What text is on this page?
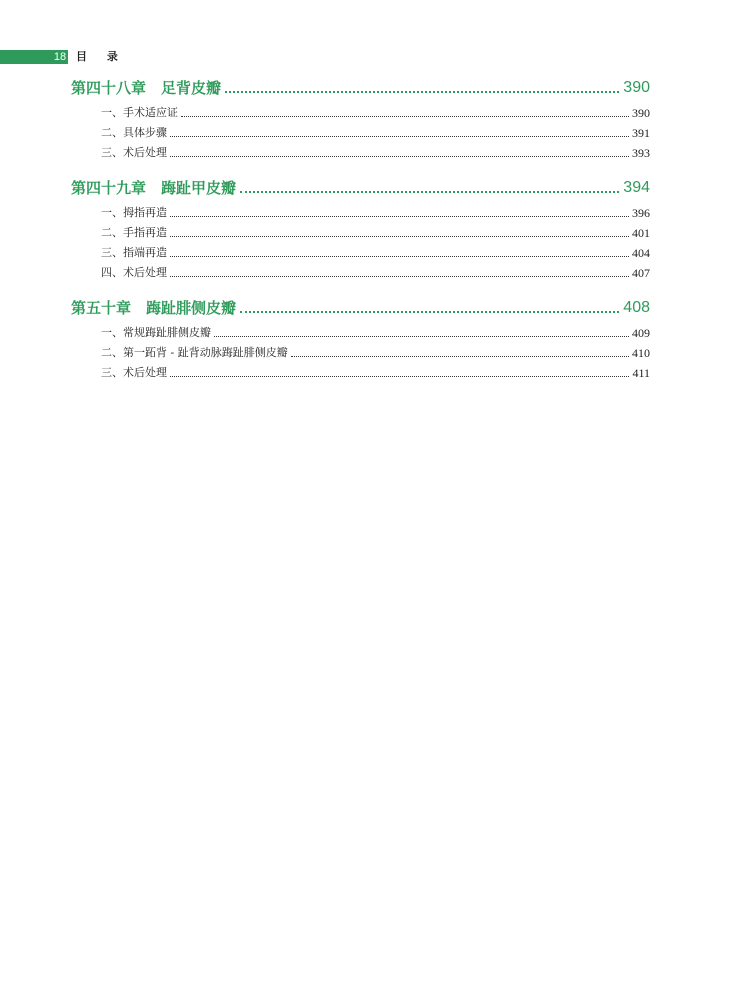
18 目 录
第四十八章　足背皮瓣	390
一、手术适应证	390
二、具体步骤	391
三、术后处理	393
第四十九章　踇趾甲皮瓣	394
一、拇指再造	396
二、手指再造	401
三、指端再造	404
四、术后处理	407
第五十章　踇趾腓侧皮瓣	408
一、常规踇趾腓侧皮瓣	409
二、第一跖背 - 趾背动脉踇趾腓侧皮瓣	410
三、术后处理	411
